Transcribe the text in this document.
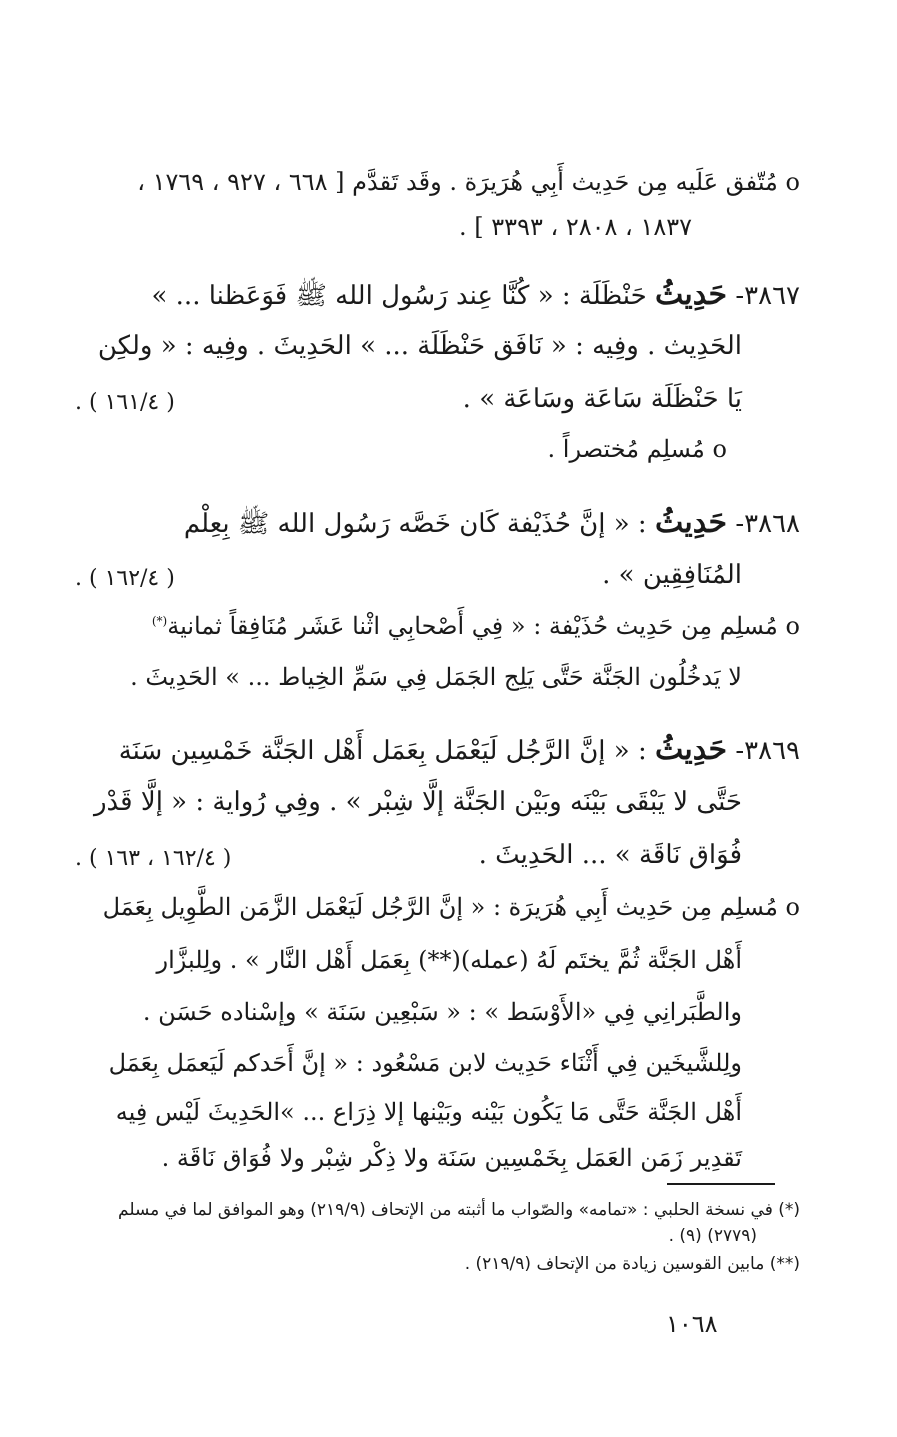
o مُتّفق عَلَيه مِن حَدِيث أَبِي هُرَيرَة . وقَد تَقدَّم [ ٦٦٨ ، ٩٢٧ ، ١٧٦٩ ،
١٨٣٧ ، ٢٨٠٨ ، ٣٣٩٣ ] .
٣٨٦٧- حَدِيثُ حَنْظَلَة : « كُنَّا عِند رَسُول الله ﷺ فَوَعَظنا ... »
الحَدِيث . وفِيه : « نَافَق حَنْظَلَة ... » الحَدِيثَ . وفِيه : « ولكِن
يَا حَنْظَلَة سَاعَة وسَاعَة » .
( ١٦١/٤ ) .
o مُسلِم مُختصراً .
٣٨٦٨- حَدِيثُ : « إنَّ حُذَيْفة كَان خَصَّه رَسُول الله ﷺ بِعِلْم
المُنَافِقِين » .
( ١٦٢/٤ ) .
o مُسلِم مِن حَدِيث حُذَيْفة : « فِي أَصْحابِي اثْنا عَشَر مُنَافِقاً ثمانية(*)
لا يَدخُلُون الجَنَّة حَتَّى يَلِج الجَمَل فِي سَمِّ الخِياط ... » الحَدِيثَ .
٣٨٦٩- حَدِيثُ : « إنَّ الرَّجُل لَيَعْمَل بِعَمَل أَهْل الجَنَّة خَمْسِين سَنَة
حَتَّى لا يَبْقَى بَيْنَه وبَيْن الجَنَّة إلَّا شِبْر » . وفِي رُواية : « إلَّا قَدْر
فُوَاق نَاقَة » ... الحَدِيثَ .
( ١٦٢/٤ ، ١٦٣ ) .
o مُسلِم مِن حَدِيث أَبِي هُرَيرَة : « إنَّ الرَّجُل لَيَعْمَل الزَّمَن الطَّوِيل بِعَمَل
أَهْل الجَنَّة ثُمَّ يختَم لَهُ (عمله)(**) بِعَمَل أَهْل النَّار » . ولِلبزَّار
والطَّبَرانِي فِي «الأَوْسَط » : « سَبْعِين سَنَة » وإسْناده حَسَن .
ولِلشَّيخَين فِي أَثْنَاء حَدِيث لابن مَسْعُود : « إنَّ أَحَدكم لَيَعمَل بِعَمَل
أَهْل الجَنَّة حَتَّى مَا يَكُون بَيْنه وبَيْنها إلا ذِرَاع ... »الحَدِيثَ لَيْس فِيه
تَقدِير زَمَن العَمَل بِخَمْسِين سَنَة ولا ذِكْر شِبْر ولا فُوَاق نَاقَة .
(*) في نسخة الحلبي : «تمامه» والصّواب ما أثبته من الإتحاف (٢١٩/٩) وهو الموافق لما في مسلم
(٢٧٧٩) (٩) .
(**) مابين القوسين زيادة من الإتحاف (٢١٩/٩) .
١٠٦٨
